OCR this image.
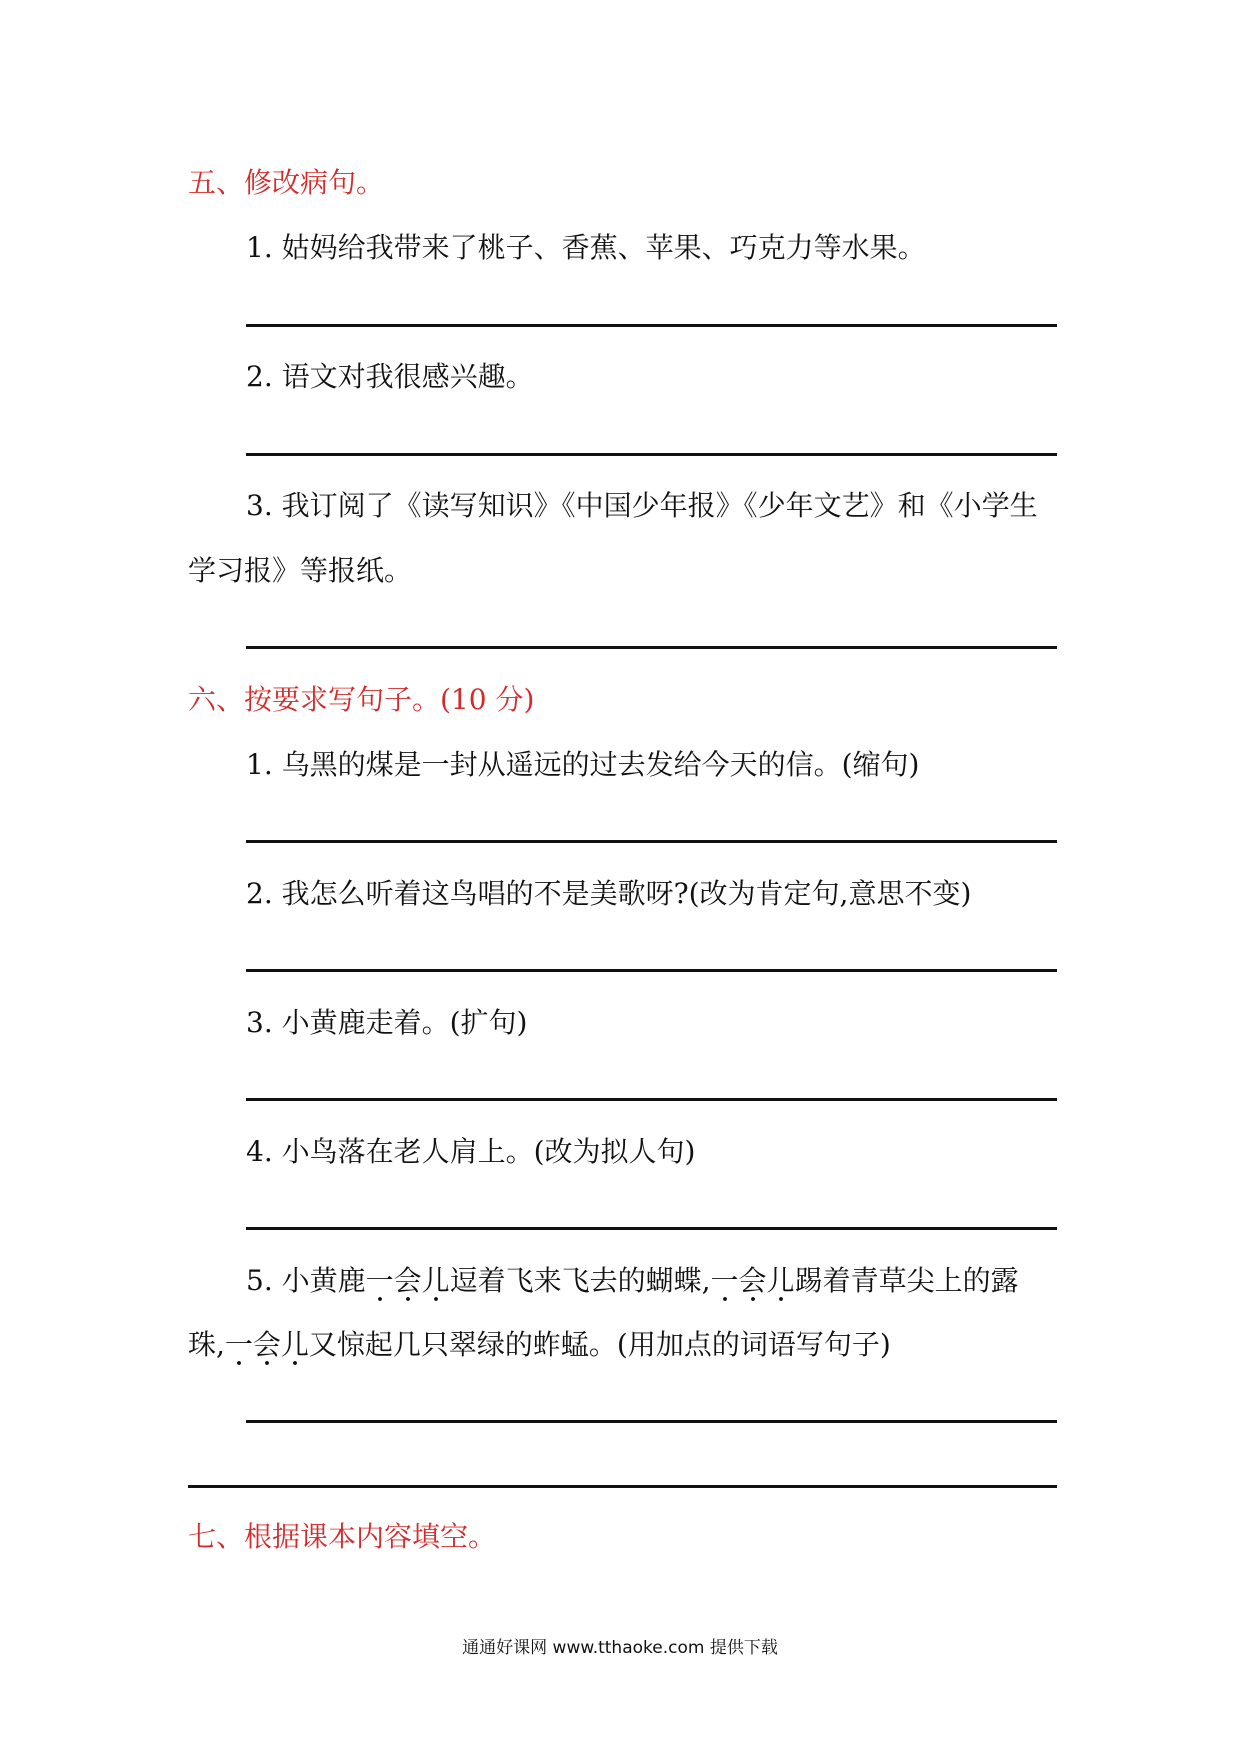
五、修改病句。
1. 姑妈给我带来了桃子、香蕉、苹果、巧克力等水果。
2. 语文对我很感兴趣。
3. 我订阅了《读写知识》《中国少年报》《少年文艺》和《小学生
学习报》等报纸。
六、按要求写句子。(10 分)
1. 乌黑的煤是一封从遥远的过去发给今天的信。(缩句)
2. 我怎么听着这鸟唱的不是美歌呀?(改为肯定句,意思不变)
3. 小黄鹿走着。(扩句)
4. 小鸟落在老人肩上。(改为拟人句)
5. 小黄鹿一会儿逗着飞来飞去的蝴蝶,一会儿踢着青草尖上的露
珠,一会儿又惊起几只翠绿的蚱蜢。(用加点的词语写句子)
七、根据课本内容填空。
通通好课网 www.tthaoke.com 提供下载
